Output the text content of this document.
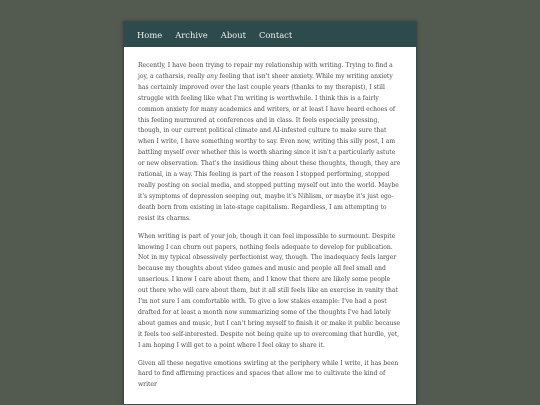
Home Archive About Contact

Recently, I have been trying to repair my relationship with writing. Trying to find a joy, a catharsis, really any feeling that isn't sheer anxiety. While my writing anxiety has certainly improved over the last couple years (thanks to my therapist), I still struggle with feeling like what I'm writing is worthwhile. I think this is a fairly common anxiety for many academics and writers, or at least I have heard echoes of this feeling murmured at conferences and in class. It feels especially pressing, though, in our current political climate and AI-infested culture to make sure that when I write, I have something worthy to say. Even now, writing this silly post, I am battling myself over whether this is worth sharing since it isn't a particularly astute or new observation. That's the insidious thing about these thoughts, though, they are rational, in a way. This feeling is part of the reason I stopped performing, stopped really posting on social media, and stopped putting myself out into the world. Maybe it's symptoms of depression seeping out, maybe it's Nihlism, or maybe it's just ego-death born from existing in late-stage capitalism. Regardless, I am attempting to resist its charms.

When writing is part of your job, though it can feel impossible to surmount. Despite knowing I can churn out papers, nothing feels adequate to develop for publication. Not in my typical obsessively perfectionist way, though. The inadequacy feels larger because my thoughts about video games and music and people all feel small and unserious. I know I care about them, and I know that there are likely some people out there who will care about them, but it all still feels like an exercise in vanity that I'm not sure I am comfortable with. To give a low stakes example: I've had a post drafted for at least a month now summarizing some of the thoughts I've had lately about games and music, but I can't bring myself to finish it or make it public because it feels too self-interested. Despite not being quite up to overcoming that hurdle, yet, I am hoping I will get to a point where I feel okay to share it.

Given all these negative emotions swirling at the periphery while I write, it has been hard to find affirming practices and spaces that allow me to cultivate the kind of writer
